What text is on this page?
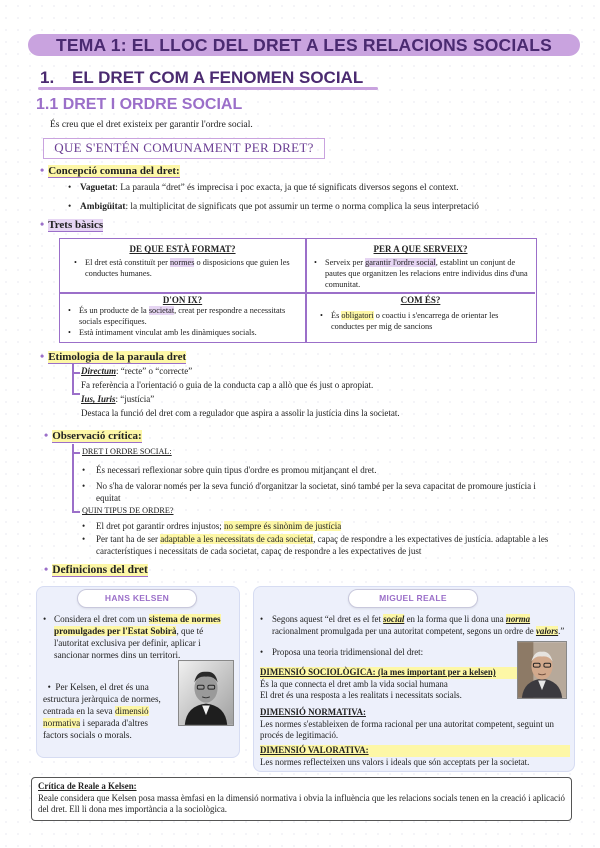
TEMA 1: EL LLOC DEL DRET A LES RELACIONS SOCIALS
1. EL DRET COM A FENOMEN SOCIAL
1.1 DRET I ORDRE SOCIAL
És creu que el dret existeix per garantir l'ordre social.
QUE S'ENTÉN COMUNAMENT PER DRET?
• Concepció comuna del dret:
• Vaguetat: La paraula “dret” és imprecisa i poc exacta, ja que té significats diversos segons el context.
• Ambigüitat: la multiplicitat de significats que pot assumir un terme o norma complica la seus interpretació
• Trets bàsics
DE QUE ESTÀ FORMAT?
• El dret està constituït per normes o disposicions que guien les conductes humanes.
PER A QUE SERVEIX?
• Serveix per garantir l'ordre social, establint un conjunt de pautes que organitzen les relacions entre individus dins d'una comunitat.
D'ON IX?
• És un producte de la societat, creat per respondre a necessitats socials específiques.
• Està íntimament vinculat amb les dinàmiques socials.
COM ÉS?
• És obligatori o coactiu i s'encarrega de orientar les conductes per mig de sancions
• Etimologia de la paraula dret
Directum: “recte” o “correcte”
Fa referència a l'orientació o guia de la conducta cap a allò que és just o apropiat.
Ius, Iuris: “justícia”
Destaca la funció del dret com a regulador que aspira a assolir la justícia dins la societat.
• Observació crítica:
DRET I ORDRE SOCIAL:
•	És necessari reflexionar sobre quin tipus d'ordre es promou mitjançant el dret.
•	No s'ha de valorar només per la seva funció d'organitzar la societat, sinó també per la seva capacitat de promoure justícia i equitat
QUIN TIPUS DE ORDRE?
•	El dret pot garantir ordres injustos; no sempre és sinònim de justícia
•	Per tant ha de ser adaptable a les necessitats de cada societat, capaç de respondre a les expectatives de justícia. adaptable a les característiques i necessitats de cada societat, capaç de respondre a les expectatives de just
• Definicions del dret
HANS KELSEN
• Considera el dret com un sistema de normes promulgades per l'Estat Sobirà, que té l'autoritat exclusiva per definir, aplicar i sancionar normes dins un territori.
•  Per Kelsen, el dret és una estructura jeràrquica de normes, centrada en la seva dimensió normativa i separada d'altres factors socials o morals.
MIGUEL REALE
• Segons aquest “el dret es el fet social en la forma que li dona una norma racionalment promulgada per una autoritat competent, segons un ordre de valors.”
• Proposa una teoria tridimensional del dret:
DIMENSIÓ SOCIOLÒGICA: (la mes important per a kelsen)
És la que connecta el dret amb la vida social humana
El dret és una resposta a les realitats i necessitats socials.
DIMENSIÓ NORMATIVA:
Les normes s'estableixen de forma racional per una autoritat competent, seguint un procés de legitimació.
DIMENSIÓ VALORATIVA:
Les normes reflecteixen uns valors i ideals que són acceptats per la societat.
Crítica de Reale a Kelsen:
Reale considera que Kelsen posa massa èmfasi en la dimensió normativa i obvia la influència que les relacions socials tenen en la creació i aplicació del dret. Ell li dona mes importància a la sociològica.
